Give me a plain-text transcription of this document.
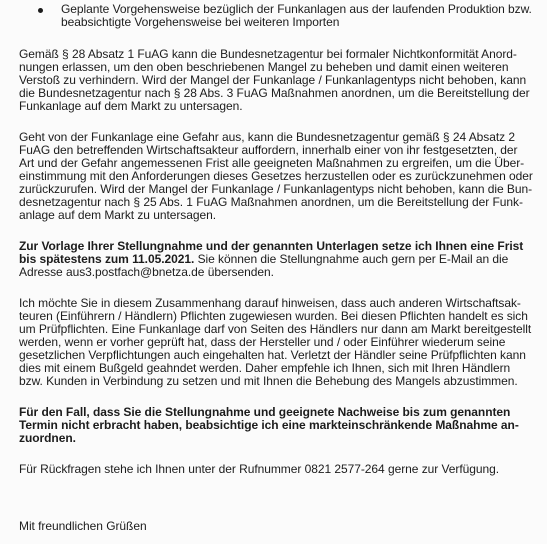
Geplante Vorgehensweise bezüglich der Funkanlagen aus der laufenden Produktion bzw.
beabsichtigte Vorgehensweise bei weiteren Importen
Gemäß § 28 Absatz 1 FuAG kann die Bundesnetzagentur bei formaler Nichtkonformität Anord-
nungen erlassen, um den oben beschriebenen Mangel zu beheben und damit einen weiteren
Verstoß zu verhindern. Wird der Mangel der Funkanlage / Funkanlagentyps nicht behoben, kann
die Bundesnetzagentur nach § 28 Abs. 3 FuAG Maßnahmen anordnen, um die Bereitstellung der
Funkanlage auf dem Markt zu untersagen.
Geht von der Funkanlage eine Gefahr aus, kann die Bundesnetzagentur gemäß § 24 Absatz 2
FuAG den betreffenden Wirtschaftsakteur auffordern, innerhalb einer von ihr festgesetzten, der
Art und der Gefahr angemessenen Frist alle geeigneten Maßnahmen zu ergreifen, um die Über-
einstimmung mit den Anforderungen dieses Gesetzes herzustellen oder es zurückzunehmen oder
zurückzurufen. Wird der Mangel der Funkanlage / Funkanlagentyps nicht behoben, kann die Bun-
desnetzagentur nach § 25 Abs. 1 FuAG Maßnahmen anordnen, um die Bereitstellung der Funk-
anlage auf dem Markt zu untersagen.
Zur Vorlage Ihrer Stellungnahme und der genannten Unterlagen setze ich Ihnen eine Frist
bis spätestens zum 11.05.2021. Sie können die Stellungnahme auch gern per E-Mail an die
Adresse aus3.postfach@bnetza.de übersenden.
Ich möchte Sie in diesem Zusammenhang darauf hinweisen, dass auch anderen Wirtschaftsak-
teuren (Einführern / Händlern) Pflichten zugewiesen wurden. Bei diesen Pflichten handelt es sich
um Prüfpflichten. Eine Funkanlage darf von Seiten des Händlers nur dann am Markt bereitgestellt
werden, wenn er vorher geprüft hat, dass der Hersteller und / oder Einführer wiederum seine
gesetzlichen Verpflichtungen auch eingehalten hat. Verletzt der Händler seine Prüfpflichten kann
dies mit einem Bußgeld geahndet werden. Daher empfehle ich Ihnen, sich mit Ihren Händlern
bzw. Kunden in Verbindung zu setzen und mit Ihnen die Behebung des Mangels abzustimmen.
Für den Fall, dass Sie die Stellungnahme und geeignete Nachweise bis zum genannten
Termin nicht erbracht haben, beabsichtige ich eine markteinschränkende Maßnahme an-
zuordnen.
Für Rückfragen stehe ich Ihnen unter der Rufnummer 0821 2577-264 gerne zur Verfügung.
Mit freundlichen Grüßen
